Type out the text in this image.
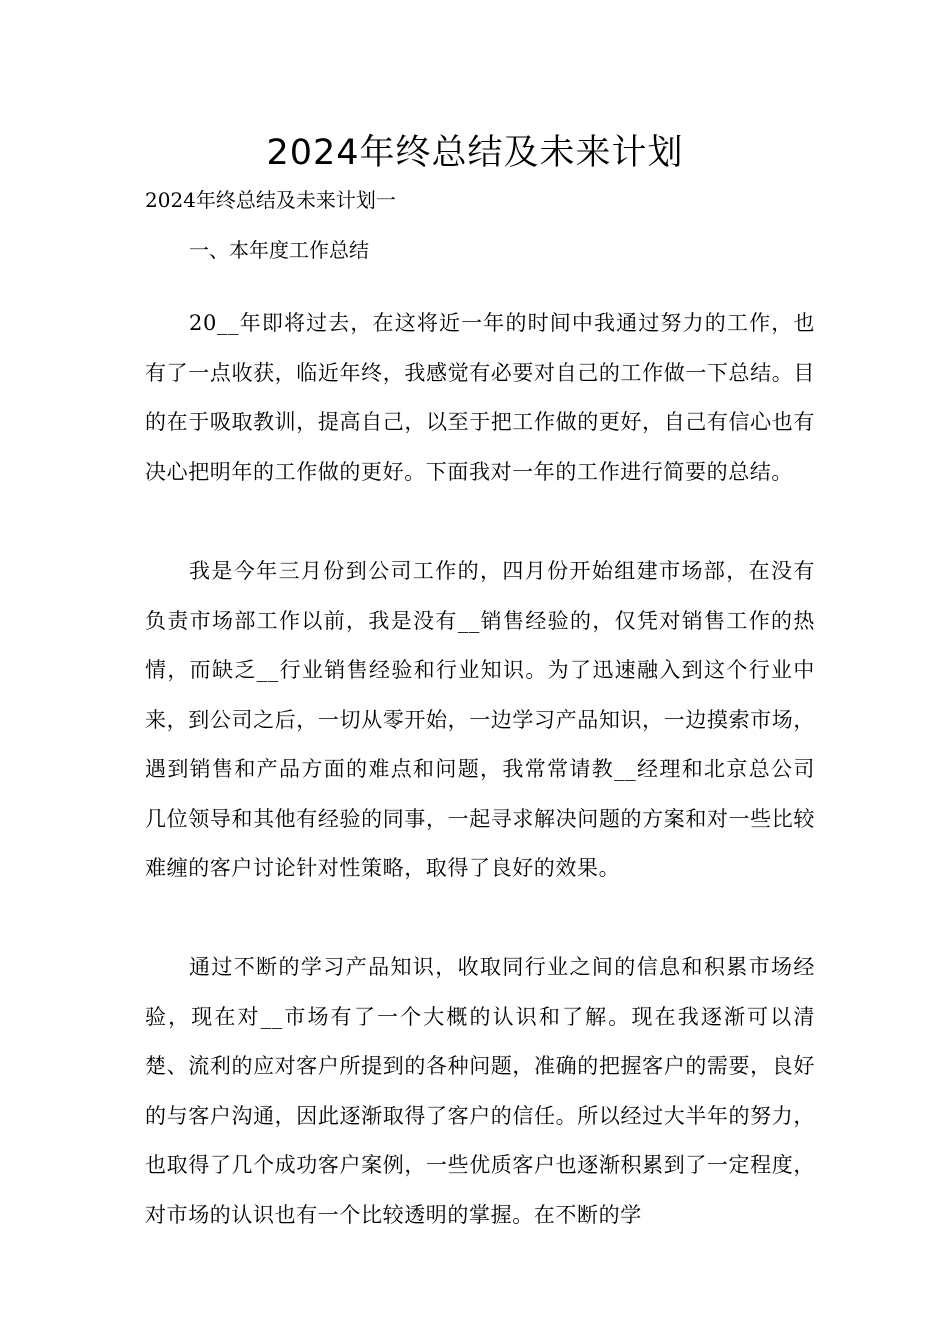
2024年终总结及未来计划
2024年终总结及未来计划一
一、本年度工作总结

20__年即将过去，在这将近一年的时间中我通过努力的工作，也有了一点收获，临近年终，我感觉有必要对自己的工作做一下总结。目的在于吸取教训，提高自己，以至于把工作做的更好，自己有信心也有决心把明年的工作做的更好。下面我对一年的工作进行简要的总结。

我是今年三月份到公司工作的，四月份开始组建市场部，在没有负责市场部工作以前，我是没有__销售经验的，仅凭对销售工作的热情，而缺乏__行业销售经验和行业知识。为了迅速融入到这个行业中来，到公司之后，一切从零开始，一边学习产品知识，一边摸索市场，遇到销售和产品方面的难点和问题，我常常请教__经理和北京总公司几位领导和其他有经验的同事，一起寻求解决问题的方案和对一些比较难缠的客户讨论针对性策略，取得了良好的效果。

通过不断的学习产品知识，收取同行业之间的信息和积累市场经验，现在对__市场有了一个大概的认识和了解。现在我逐渐可以清楚、流利的应对客户所提到的各种问题，准确的把握客户的需要，良好的与客户沟通，因此逐渐取得了客户的信任。所以经过大半年的努力，也取得了几个成功客户案例，一些优质客户也逐渐积累到了一定程度，对市场的认识也有一个比较透明的掌握。在不断的学
